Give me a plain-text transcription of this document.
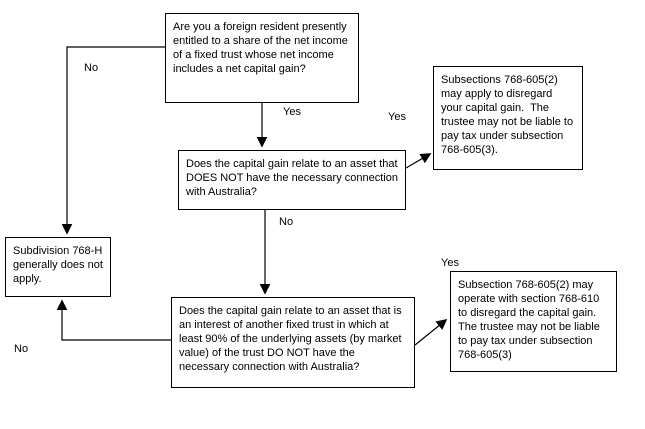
Are you a foreign resident presently entitled to a share of the net income of a fixed trust whose net income includes a net capital gain?
Does the capital gain relate to an asset that DOES NOT have the necessary connection with Australia?
Subsections 768-605(2) may apply to disregard your capital gain.  The trustee may not be liable to pay tax under subsection 768-605(3).
Subdivision 768-H generally does not apply.
Does the capital gain relate to an asset that is an interest of another fixed trust in which at least 90% of the underlying assets (by market value) of the trust DO NOT have the necessary connection with Australia?
Subsection 768-605(2) may operate with section 768-610 to disregard the capital gain. The trustee may not be liable to pay tax under subsection 768-605(3)
No
Yes	Yes
No
Yes
No
